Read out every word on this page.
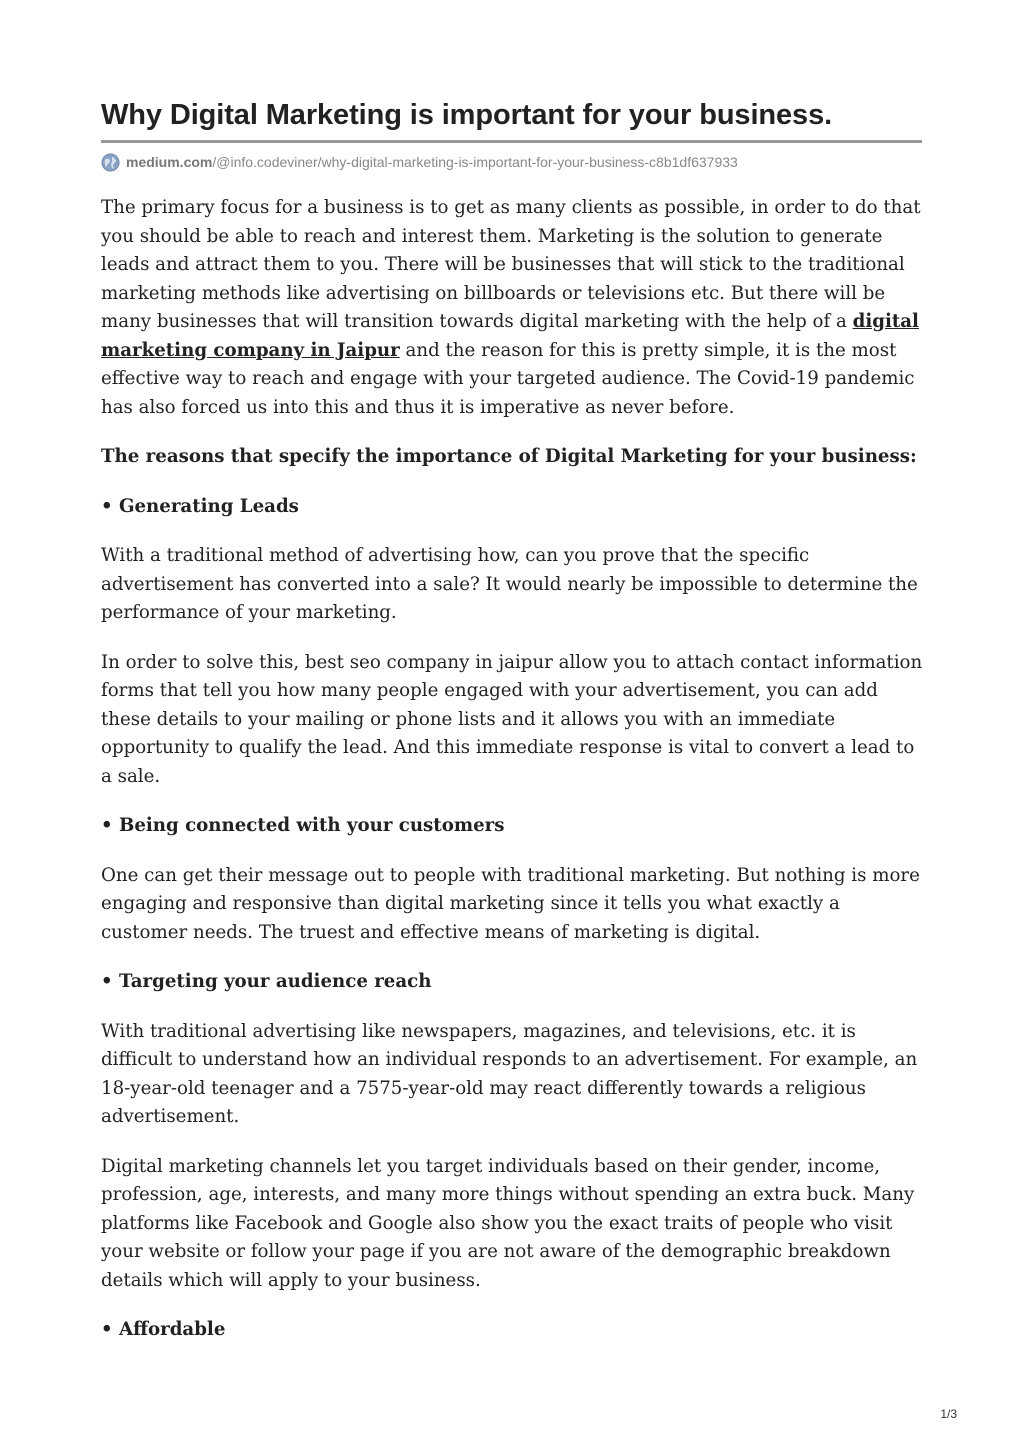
Why Digital Marketing is important for your business.
medium.com /@info.codeviner/why-digital-marketing-is-important-for-your-business-c8b1df637933

The primary focus for a business is to get as many clients as possible, in order to do that you should be able to reach and interest them. Marketing is the solution to generate leads and attract them to you. There will be businesses that will stick to the traditional marketing methods like advertising on billboards or televisions etc. But there will be many businesses that will transition towards digital marketing with the help of a digital marketing company in Jaipur and the reason for this is pretty simple, it is the most effective way to reach and engage with your targeted audience. The Covid-19 pandemic has also forced us into this and thus it is imperative as never before.

The reasons that specify the importance of Digital Marketing for your business:

• Generating Leads

With a traditional method of advertising how, can you prove that the specific advertisement has converted into a sale? It would nearly be impossible to determine the performance of your marketing.

In order to solve this, best seo company in jaipur allow you to attach contact information forms that tell you how many people engaged with your advertisement, you can add these details to your mailing or phone lists and it allows you with an immediate opportunity to qualify the lead. And this immediate response is vital to convert a lead to a sale.

• Being connected with your customers

One can get their message out to people with traditional marketing. But nothing is more engaging and responsive than digital marketing since it tells you what exactly a customer needs. The truest and effective means of marketing is digital.

• Targeting your audience reach

With traditional advertising like newspapers, magazines, and televisions, etc. it is difficult to understand how an individual responds to an advertisement. For example, an 18-year-old teenager and a 7575-year-old may react differently towards a religious advertisement.

Digital marketing channels let you target individuals based on their gender, income, profession, age, interests, and many more things without spending an extra buck. Many platforms like Facebook and Google also show you the exact traits of people who visit your website or follow your page if you are not aware of the demographic breakdown details which will apply to your business.

• Affordable

1/3
